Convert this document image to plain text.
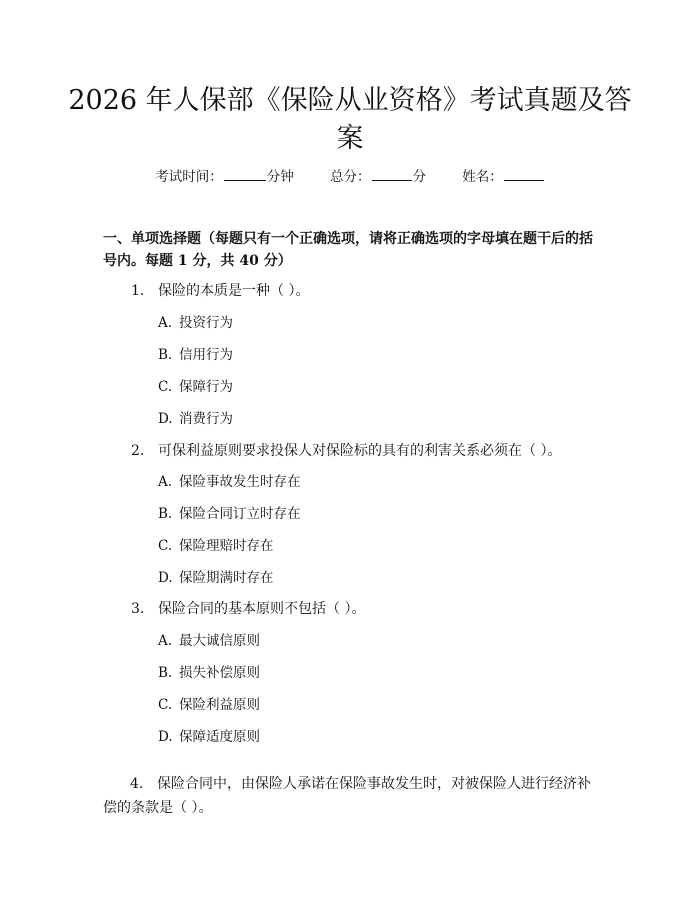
2026 年人保部《保险从业资格》考试真题及答案
考试时间：	分钟	总分：	分	姓名：

一、单项选择题（每题只有一个正确选项，请将正确选项的字母填在题干后的括号内。每题 1 分，共 40 分）

1. 保险的本质是一种（ ）。
A. 投资行为
B. 信用行为
C. 保障行为
D. 消费行为
2. 可保利益原则要求投保人对保险标的具有的利害关系必须在（ ）。
A. 保险事故发生时存在
B. 保险合同订立时存在
C. 保险理赔时存在
D. 保险期满时存在
3. 保险合同的基本原则不包括（ ）。
A. 最大诚信原则
B. 损失补偿原则
C. 保险利益原则
D. 保障适度原则

4. 保险合同中，由保险人承诺在保险事故发生时，对被保险人进行经济补偿的条款是（ ）。
